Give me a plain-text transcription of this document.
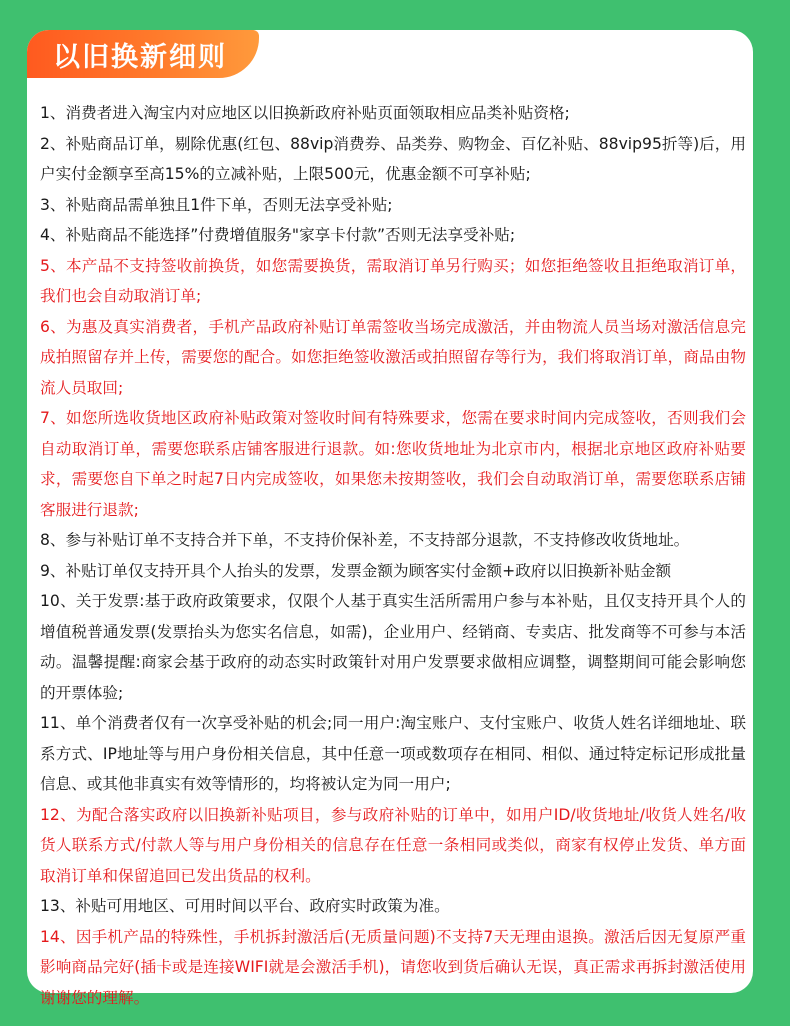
以旧换新细则

1、消费者进入淘宝内对应地区以旧换新政府补贴页面领取相应品类补贴资格;

2、补贴商品订单，剔除优惠(红包、88vip消费券、品类券、购物金、百亿补贴、88vip95折等)后，用户实付金额享至高15%的立减补贴，上限500元，优惠金额不可享补贴;

3、补贴商品需单独且1件下单，否则无法享受补贴;

4、补贴商品不能选择”付费增值服务"家享卡付款”否则无法享受补贴;

5、本产品不支持签收前换货，如您需要换货，需取消订单另行购买；如您拒绝签收且拒绝取消订单，我们也会自动取消订单;

6、为惠及真实消费者，手机产品政府补贴订单需签收当场完成激活，并由物流人员当场对激活信息完成拍照留存并上传，需要您的配合。如您拒绝签收激活或拍照留存等行为，我们将取消订单，商品由物流人员取回;

7、如您所选收货地区政府补贴政策对签收时间有特殊要求，您需在要求时间内完成签收，否则我们会自动取消订单，需要您联系店铺客服进行退款。如:您收货地址为北京市内，根据北京地区政府补贴要求，需要您自下单之时起7日内完成签收，如果您未按期签收，我们会自动取消订单，需要您联系店铺客服进行退款;

8、参与补贴订单不支持合并下单，不支持价保补差，不支持部分退款，不支持修改收货地址。

9、补贴订单仅支持开具个人抬头的发票，发票金额为顾客实付金额+政府以旧换新补贴金额

10、关于发票:基于政府政策要求，仅限个人基于真实生活所需用户参与本补贴，且仅支持开具个人的增值税普通发票(发票抬头为您实名信息，如需)，企业用户、经销商、专卖店、批发商等不可参与本活动。温馨提醒:商家会基于政府的动态实时政策针对用户发票要求做相应调整，调整期间可能会影响您的开票体验;

11、单个消费者仅有一次享受补贴的机会;同一用户:淘宝账户、支付宝账户、收货人姓名详细地址、联系方式、IP地址等与用户身份相关信息，其中任意一项或数项存在相同、相似、通过特定标记形成批量信息、或其他非真实有效等情形的，均将被认定为同一用户;

12、为配合落实政府以旧换新补贴项目，参与政府补贴的订单中，如用户ID/收货地址/收货人姓名/收货人联系方式/付款人等与用户身份相关的信息存在任意一条相同或类似，商家有权停止发货、单方面取消订单和保留追回已发出货品的权利。

13、补贴可用地区、可用时间以平台、政府实时政策为准。

14、因手机产品的特殊性，手机拆封激活后(无质量问题)不支持7天无理由退换。激活后因无复原严重影响商品完好(插卡或是连接WIFI就是会激活手机)，请您收到货后确认无误，真正需求再拆封激活使用谢谢您的理解。
